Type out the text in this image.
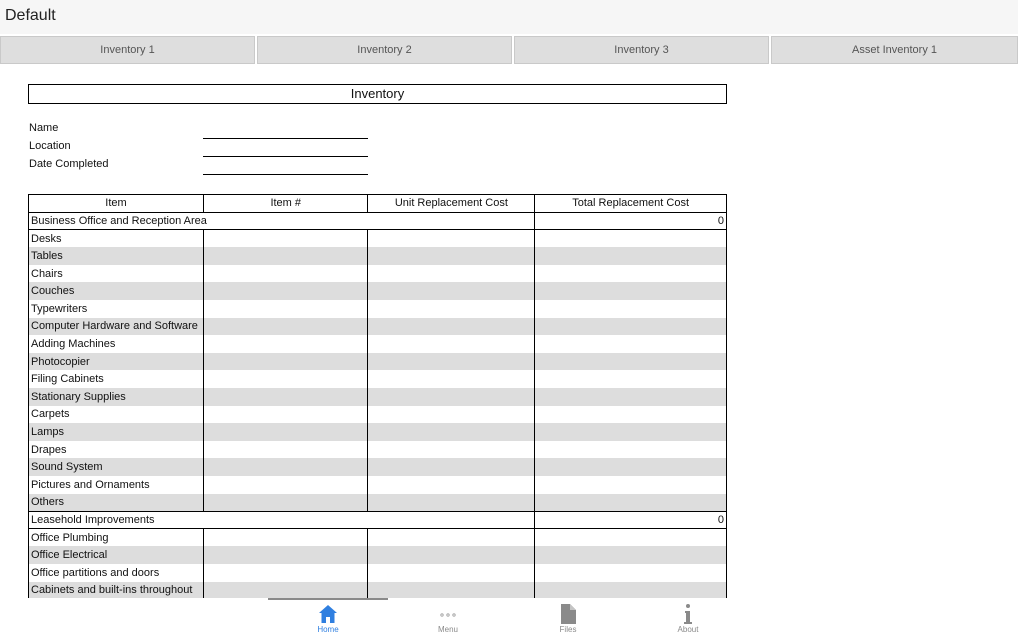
Default
Inventory 1	Inventory 2	Inventory 3	Asset Inventory 1
Inventory
Name
Location
Date Completed
Item	Item #	Unit Replacement Cost	Total Replacement Cost
Business Office and Reception Area			0
Desks			
Tables			
Chairs			
Couches			
Typewriters			
Computer Hardware and Software			
Adding Machines			
Photocopier			
Filing Cabinets			
Stationary Supplies			
Carpets			
Lamps			
Drapes			
Sound System			
Pictures and Ornaments			
Others			
Leasehold Improvements			0
Office Plumbing			
Office Electrical			
Office partitions and doors			
Cabinets and built-ins throughout			
Home	Menu	Files	About
